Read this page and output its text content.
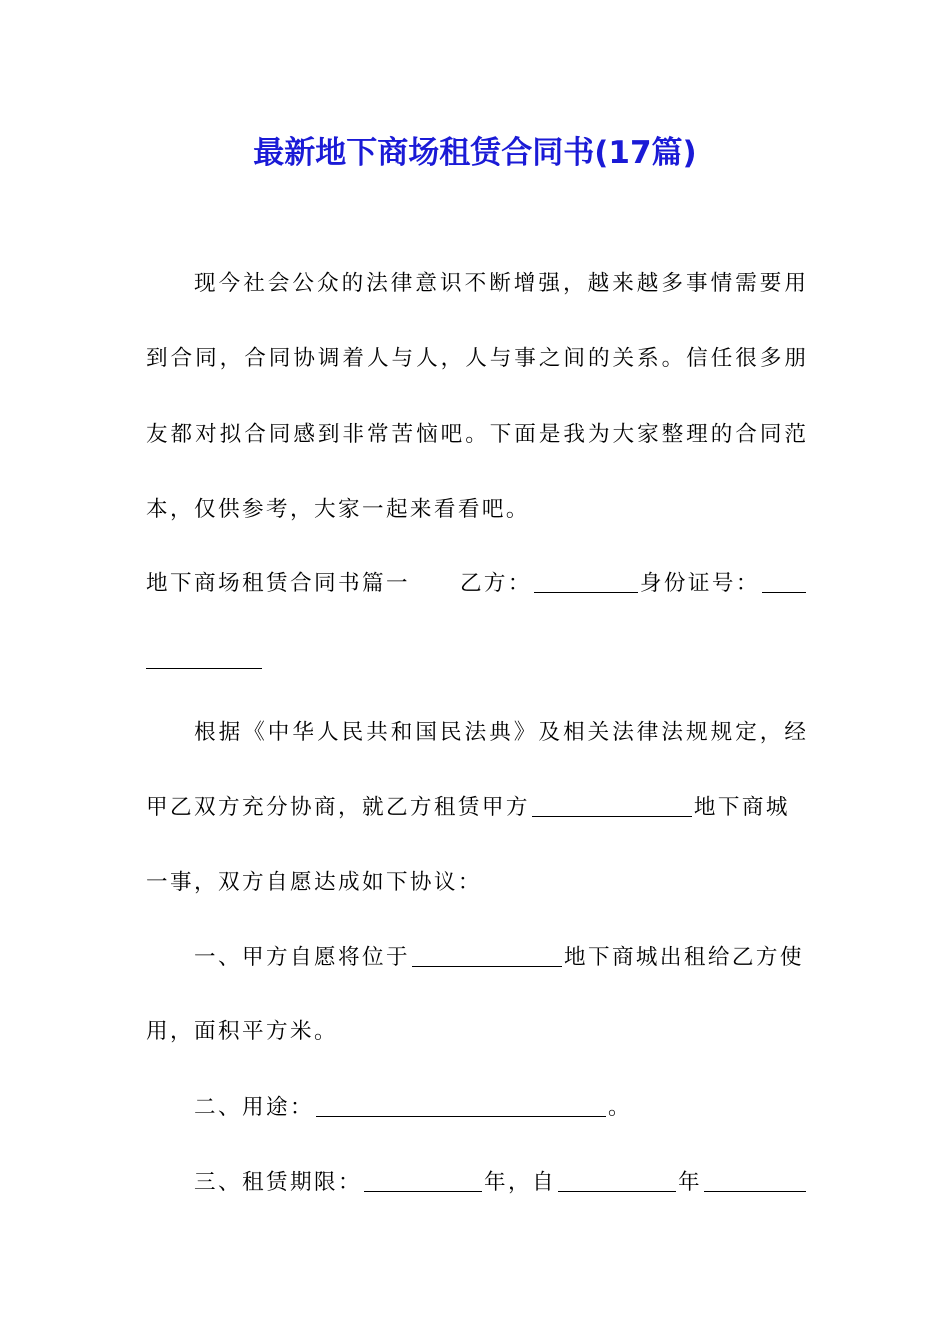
最新地下商场租赁合同书(17篇)
现今社会公众的法律意识不断增强，越来越多事情需要用
到合同，合同协调着人与人，人与事之间的关系。信任很多朋
友都对拟合同感到非常苦恼吧。下面是我为大家整理的合同范
本，仅供参考，大家一起来看看吧。
地下商场租赁合同书篇一 乙方：	身份证号：
根据《中华人民共和国民法典》及相关法律法规规定，经
甲乙双方充分协商，就乙方租赁甲方	地下商城
一事，双方自愿达成如下协议：
一、甲方自愿将位于	地下商城出租给乙方使
用，面积平方米。
二、用途：	。
三、租赁期限：	年，自	年
